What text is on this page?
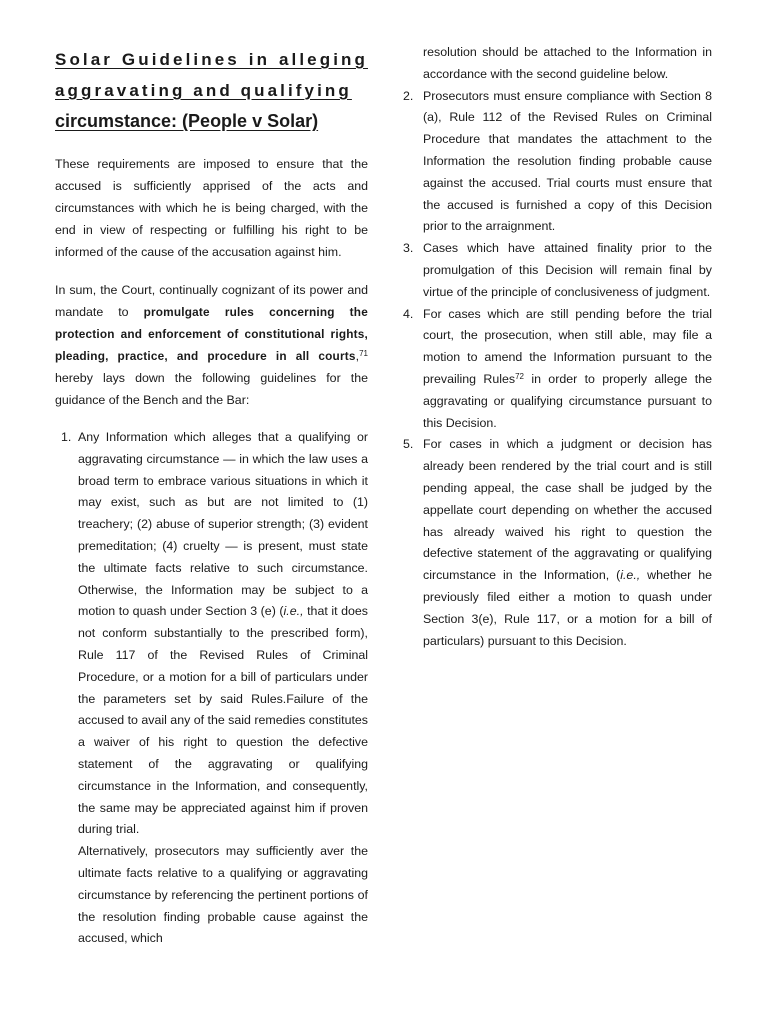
Solar Guidelines in alleging aggravating and qualifying
circumstance: (People v Solar)

These requirements are imposed to ensure that the accused is sufficiently apprised of the acts and circumstances with which he is being charged, with the end in view of respecting or fulfilling his right to be informed of the cause of the accusation against him.

In sum, the Court, continually cognizant of its power and mandate to promulgate rules concerning the protection and enforcement of constitutional rights, pleading, practice, and procedure in all courts,$^{71}$ hereby lays down the following guidelines for the guidance of the Bench and the Bar:

1. Any Information which alleges that a qualifying or aggravating circumstance — in which the law uses a broad term to embrace various situations in which it may exist, such as but are not limited to (1) treachery; (2) abuse of superior strength; (3) evident premeditation; (4) cruelty — is present, must state the ultimate facts relative to such circumstance. Otherwise, the Information may be subject to a motion to quash under Section 3 (e) (i.e., that it does not conform substantially to the prescribed form), Rule 117 of the Revised Rules of Criminal Procedure, or a motion for a bill of particulars under the parameters set by said Rules.Failure of the accused to avail any of the said remedies constitutes a waiver of his right to question the defective statement of the aggravating or qualifying circumstance in the Information, and consequently, the same may be appreciated against him if proven during trial.
Alternatively, prosecutors may sufficiently aver the ultimate facts relative to a qualifying or aggravating circumstance by referencing the pertinent portions of the resolution finding probable cause against the accused, which
resolution should be attached to the Information in accordance with the second guideline below.
2. Prosecutors must ensure compliance with Section 8 (a), Rule 112 of the Revised Rules on Criminal Procedure that mandates the attachment to the Information the resolution finding probable cause against the accused. Trial courts must ensure that the accused is furnished a copy of this Decision prior to the arraignment.
3. Cases which have attained finality prior to the promulgation of this Decision will remain final by virtue of the principle of conclusiveness of judgment.
4. For cases which are still pending before the trial court, the prosecution, when still able, may file a motion to amend the Information pursuant to the prevailing Rules$^{72}$ in order to properly allege the aggravating or qualifying circumstance pursuant to this Decision.
5. For cases in which a judgment or decision has already been rendered by the trial court and is still pending appeal, the case shall be judged by the appellate court depending on whether the accused has already waived his right to question the defective statement of the aggravating or qualifying circumstance in the Information, (i.e., whether he previously filed either a motion to quash under Section 3(e), Rule 117, or a motion for a bill of particulars) pursuant to this Decision.
